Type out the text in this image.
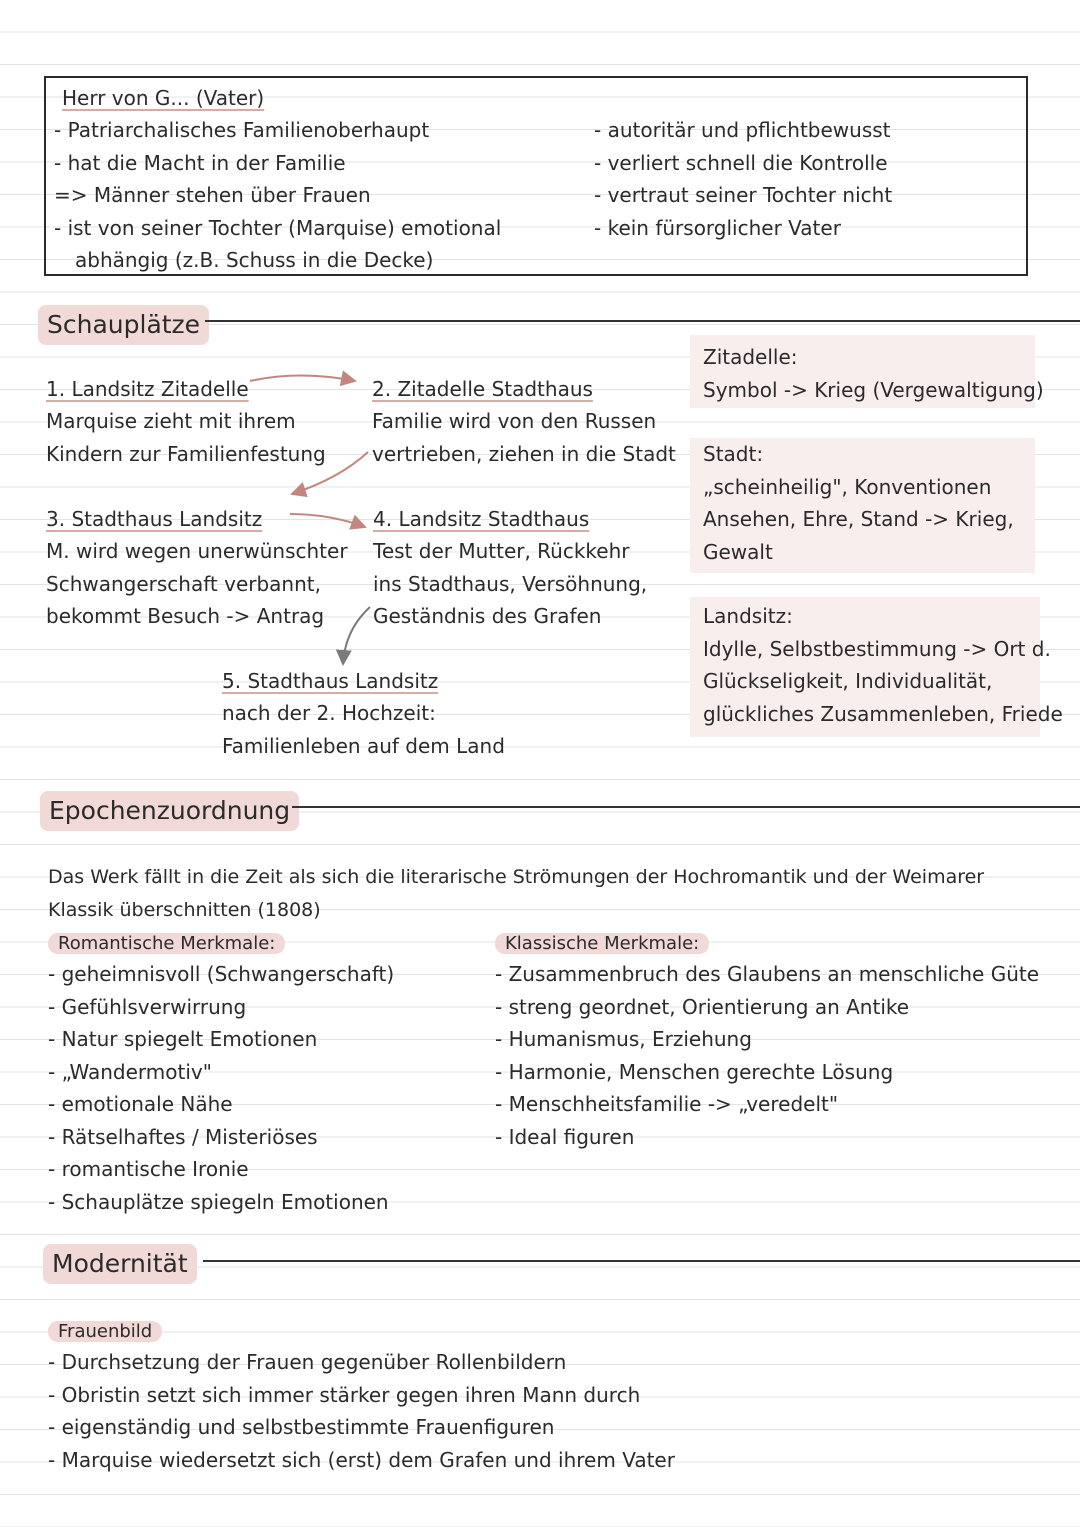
Herr von G... (Vater)
- Patriarchalisches Familienoberhaupt
- hat die Macht in der Familie
=> Männer stehen über Frauen
- ist von seiner Tochter (Marquise) emotional
abhängig (z.B. Schuss in die Decke)
- autoritär und pflichtbewusst
- verliert schnell die Kontrolle
- vertraut seiner Tochter nicht
- kein fürsorglicher Vater
Schauplätze
1. Landsitz Zitadelle
Marquise zieht mit ihrem
Kindern zur Familienfestung
2. Zitadelle Stadthaus
Familie wird von den Russen
vertrieben, ziehen in die Stadt
3. Stadthaus Landsitz
M. wird wegen unerwünschter
Schwangerschaft verbannt,
bekommt Besuch -> Antrag
4. Landsitz Stadthaus
Test der Mutter, Rückkehr
ins Stadthaus, Versöhnung,
Geständnis des Grafen
5. Stadthaus Landsitz
nach der 2. Hochzeit:
Familienleben auf dem Land
Zitadelle:
Symbol -> Krieg (Vergewaltigung)
Stadt:
„scheinheilig", Konventionen
Ansehen, Ehre, Stand -> Krieg,
Gewalt
Landsitz:
Idylle, Selbstbestimmung -> Ort d.
Glückseligkeit, Individualität,
glückliches Zusammenleben, Friede
Epochenzuordnung
Das Werk fällt in die Zeit als sich die literarische Strömungen der Hochromantik und der Weimarer
Klassik überschnitten (1808)
Romantische Merkmale:
- geheimnisvoll (Schwangerschaft)
- Gefühlsverwirrung
- Natur spiegelt Emotionen
- „Wandermotiv"
- emotionale Nähe
- Rätselhaftes / Misteriöses
- romantische Ironie
- Schauplätze spiegeln Emotionen
Klassische Merkmale:
- Zusammenbruch des Glaubens an menschliche Güte
- streng geordnet, Orientierung an Antike
- Humanismus, Erziehung
- Harmonie, Menschen gerechte Lösung
- Menschheitsfamilie -> „veredelt"
- Ideal figuren
Modernität
Frauenbild
- Durchsetzung der Frauen gegenüber Rollenbildern
- Obristin setzt sich immer stärker gegen ihren Mann durch
- eigenständig und selbstbestimmte Frauenfiguren
- Marquise wiedersetzt sich (erst) dem Grafen und ihrem Vater
